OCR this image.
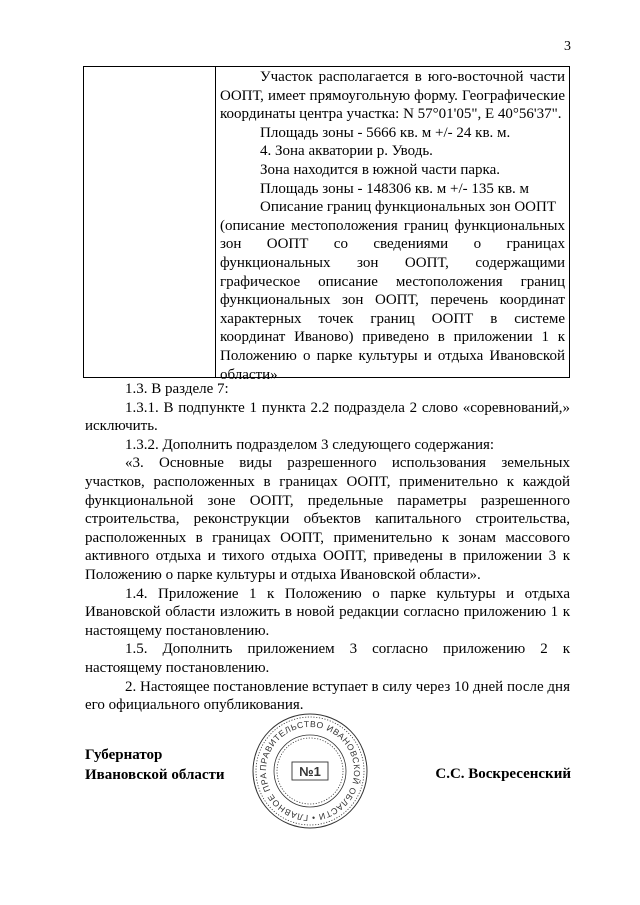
3

Участок располагается в юго-восточной части ООПТ, имеет прямоугольную форму. Географические координаты центра участка: N 57°01'05", E 40°56'37".

Площадь зоны - 5666 кв. м +/- 24 кв. м.

4. Зона акватории р. Уводь.

Зона находится в южной части парка.

Площадь зоны - 148306 кв. м +/- 135 кв. м

Описание границ функциональных зон ООПТ

(описание местоположения границ функциональных зон ООПТ со сведениями о границах функциональных зон ООПТ, содержащими графическое описание местоположения границ функциональных зон ООПТ, перечень координат характерных точек границ ООПТ в системе координат Иваново) приведено в приложении 1 к Положению о парке культуры и отдыха Ивановской области»

1.3. В разделе 7:

1.3.1. В подпункте 1 пункта 2.2 подраздела 2 слово «соревнований,» исключить.

1.3.2. Дополнить подразделом 3 следующего содержания:

«3. Основные виды разрешенного использования земельных участков, расположенных в границах ООПТ, применительно к каждой функциональной зоне ООПТ, предельные параметры разрешенного строительства, реконструкции объектов капитального строительства, расположенных в границах ООПТ, применительно к зонам массового активного отдыха и тихого отдыха ООПТ, приведены в приложении 3 к Положению о парке культуры и отдыха Ивановской области».

1.4. Приложение 1 к Положению о парке культуры и отдыха Ивановской области изложить в новой редакции согласно приложению 1 к настоящему постановлению.

1.5. Дополнить приложением 3 согласно приложению 2 к настоящему постановлению.

2. Настоящее постановление вступает в силу через 10 дней после дня его официального опубликования.

Губернатор
Ивановской области	ПРАВИТЕЛЬСТВО ИВАНОВСКОЙ ОБЛАСТИ • ГЛАВНОЕ ПРА	№1	С.С. Воскресенский
